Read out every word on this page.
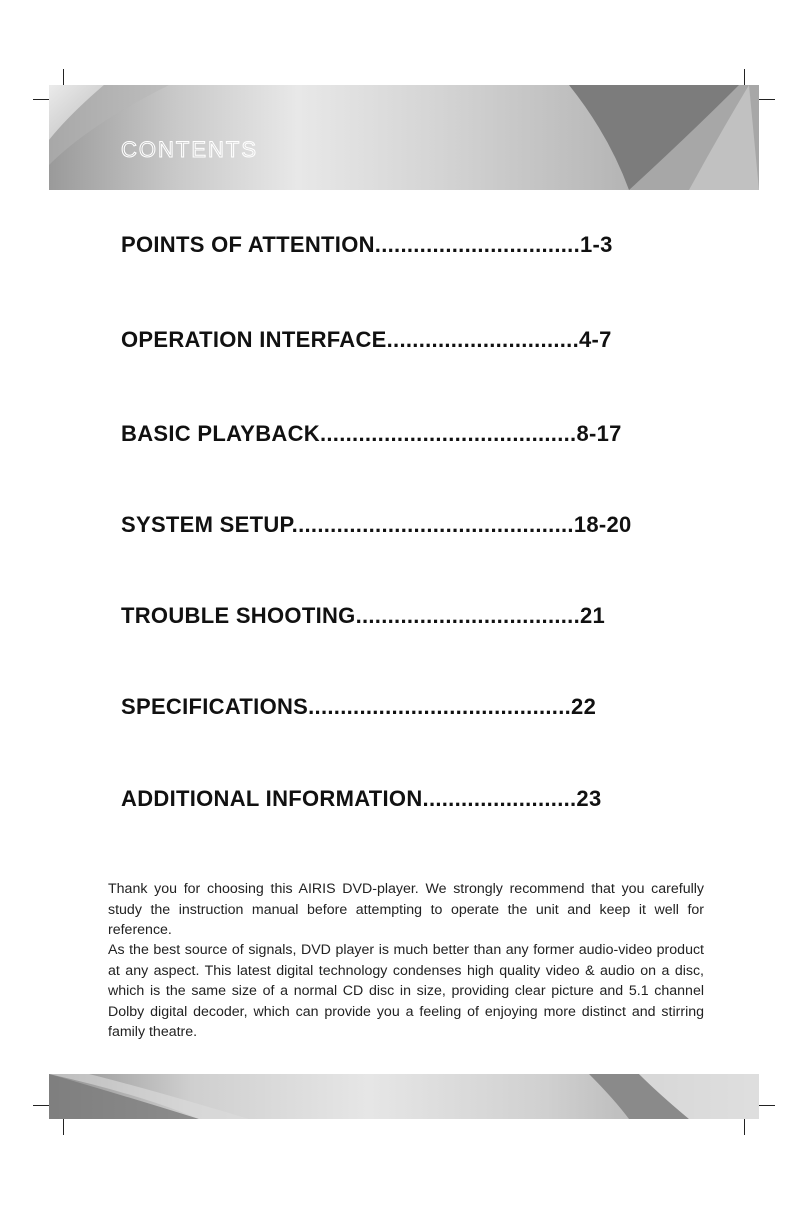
CONTENTS
POINTS OF ATTENTION................................1-3
OPERATION INTERFACE..............................4-7
BASIC PLAYBACK........................................8-17
SYSTEM SETUP............................................18-20
TROUBLE SHOOTING...................................21
SPECIFICATIONS.........................................22
ADDITIONAL INFORMATION........................23
Thank you for choosing this AIRIS DVD-player. We strongly recommend that you carefully study the instruction manual before attempting to operate the unit and keep it well for reference.
As the best source of signals, DVD player is much better than any former audio-video product at any aspect. This latest digital technology condenses high quality video & audio on a disc, which is the same size of a normal CD disc in size, providing clear picture and 5.1 channel Dolby digital decoder, which can provide you a feeling of enjoying more distinct and stirring family theatre.
